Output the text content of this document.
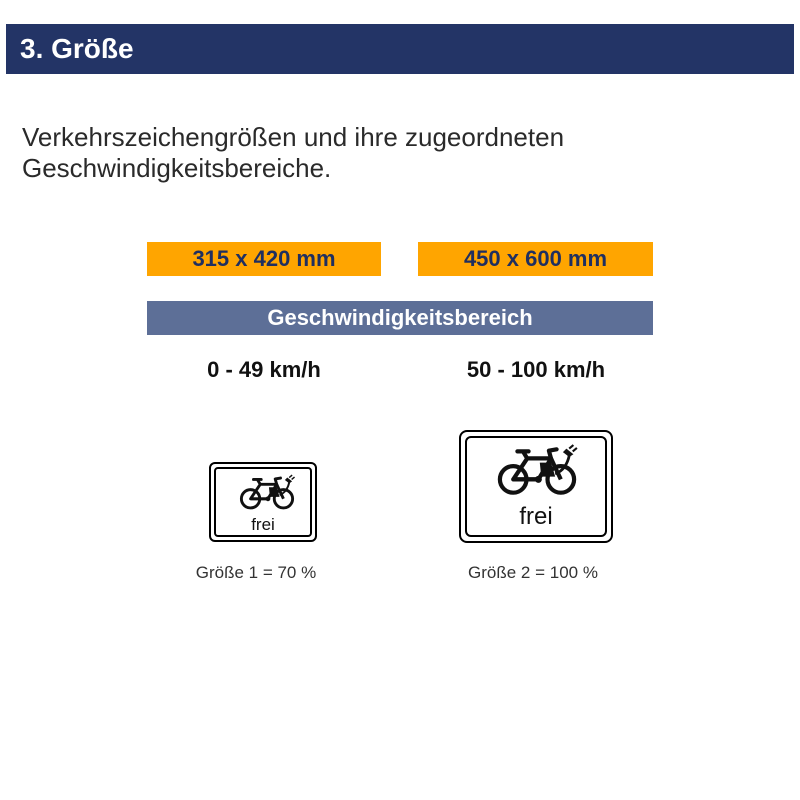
3. Größe
Verkehrszeichengrößen und ihre zugeordneten
Geschwindigkeitsbereiche.
315 x 420 mm	450 x 600 mm
Geschwindigkeitsbereich
0 - 49 km/h	50 - 100 km/h
frei	frei
Größe 1 = 70 %	Größe 2 = 100 %
